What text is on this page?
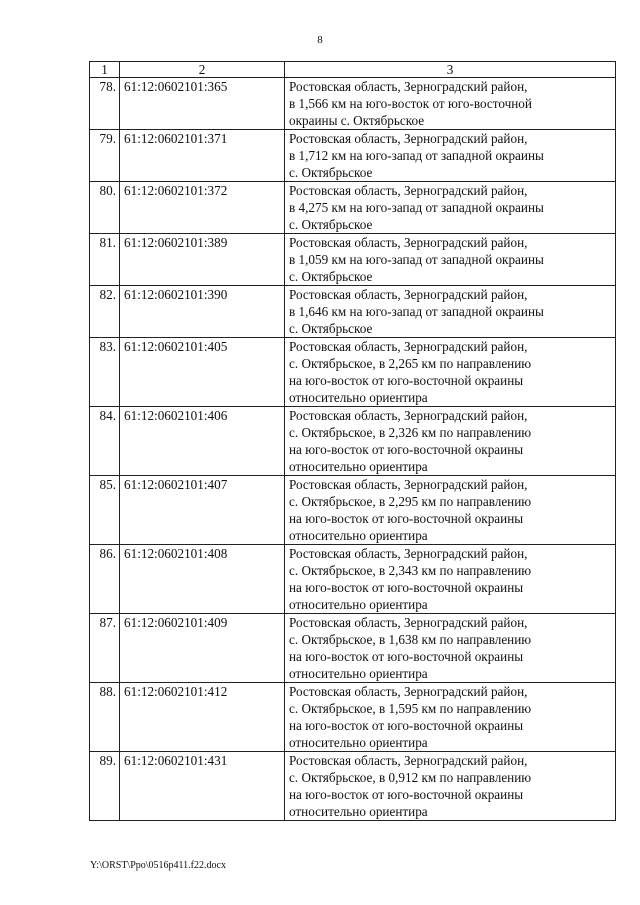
8
1	2	3
78.	61:12:0602101:365	Ростовская область, Зерноградский район,
в 1,566 км на юго-восток от юго-восточной
окраины с. Октябрьское
79.	61:12:0602101:371	Ростовская область, Зерноградский район,
в 1,712 км на юго-запад от западной окраины
с. Октябрьское
80.	61:12:0602101:372	Ростовская область, Зерноградский район,
в 4,275 км на юго-запад от западной окраины
с. Октябрьское
81.	61:12:0602101:389	Ростовская область, Зерноградский район,
в 1,059 км на юго-запад от западной окраины
с. Октябрьское
82.	61:12:0602101:390	Ростовская область, Зерноградский район,
в 1,646 км на юго-запад от западной окраины
с. Октябрьское
83.	61:12:0602101:405	Ростовская область, Зерноградский район,
с. Октябрьское, в 2,265 км по направлению
на юго-восток от юго-восточной окраины
относительно ориентира
84.	61:12:0602101:406	Ростовская область, Зерноградский район,
с. Октябрьское, в 2,326 км по направлению
на юго-восток от юго-восточной окраины
относительно ориентира
85.	61:12:0602101:407	Ростовская область, Зерноградский район,
с. Октябрьское, в 2,295 км по направлению
на юго-восток от юго-восточной окраины
относительно ориентира
86.	61:12:0602101:408	Ростовская область, Зерноградский район,
с. Октябрьское, в 2,343 км по направлению
на юго-восток от юго-восточной окраины
относительно ориентира
87.	61:12:0602101:409	Ростовская область, Зерноградский район,
с. Октябрьское, в 1,638 км по направлению
на юго-восток от юго-восточной окраины
относительно ориентира
88.	61:12:0602101:412	Ростовская область, Зерноградский район,
с. Октябрьское, в 1,595 км по направлению
на юго-восток от юго-восточной окраины
относительно ориентира
89.	61:12:0602101:431	Ростовская область, Зерноградский район,
с. Октябрьское, в 0,912 км по направлению
на юго-восток от юго-восточной окраины
относительно ориентира
Y:\ORST\Ppo\0516p411.f22.docx
